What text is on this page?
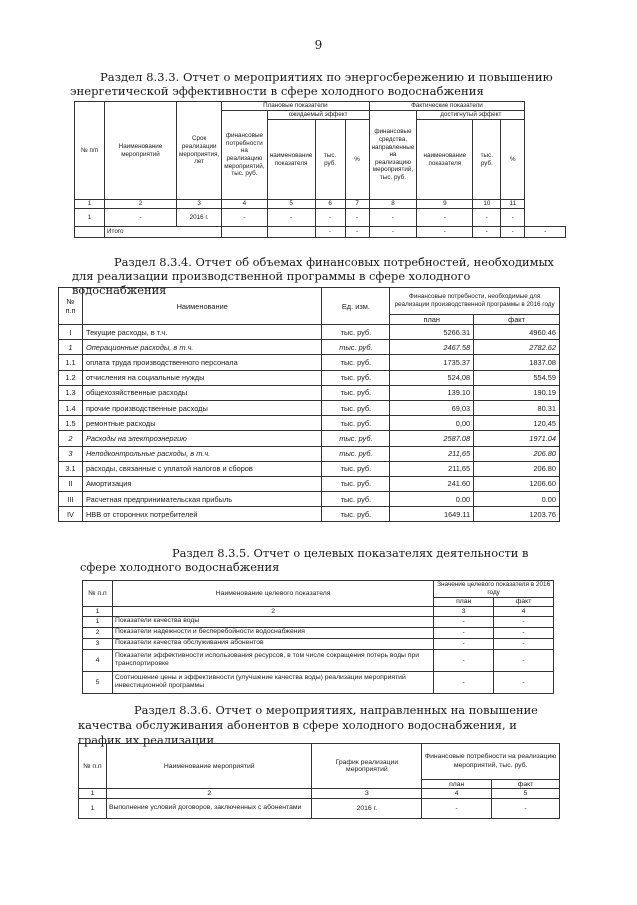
9
Раздел 8.3.3. Отчет о мероприятиях по энергосбережению и повышению энергетической эффективности в сфере холодного водоснабжения
№ п/п	Наименование мероприятий	Срок реализации мероприятия, лет	Плановые показатели				Фактические показатели				
			финансовые потребности на реализацию мероприятий, тыс. руб.	ожидаемый эффект			финансовые средства, направленные на реализацию мероприятий, тыс. руб.	достигнутый эффект			
				наименование показателя	тыс. руб.	%		наименование показателя	тыс. руб.	%	
1	2	3	4	5	6	7	8	9	10	11	
1	-	2016 г.	-	-	-	-	-	-	-	-	
	Итого				-	-	-	-	-	-	-
Раздел 8.3.4. Отчет об объемах финансовых потребностей, необходимых для реализации производственной программы в сфере холодного водоснабжения
№ п.п	Наименование	Ед. изм.	Финансовые потребности, необходимые для реализации производственной программы в 2016 году	
			план	факт
I	Текущие расходы, в т.ч.	тыс. руб.	5266.31	4960.46
1	Операционные расходы, в т.ч.	тыс. руб.	2467.58	2782.62
1.1	оплата труда производственного персонала	тыс. руб.	1735.37	1837.08
1.2	отчисления на социальные нужды	тыс. руб.	524,08	554.59
1.3	общехозяйственные расходы	тыс. руб.	139.10	190.19
1.4	прочие производственные расходы	тыс. руб.	69,03	80.31
1.5	ремонтные расходы	тыс. руб.	0,00	120,45
2	Расходы на электроэнергию	тыс. руб.	2587.08	1971.04
3	Неподконтрольные расходы, в т.ч.	тыс. руб.	211,65	206.80
3.1	расходы, связанные с уплатой налогов и сборов	тыс. руб.	211,65	206.80
II	Амортизация	тыс. руб.	241.60	1206.60
III	Расчетная предпринимательская прибыль	тыс. руб.	0.00	0.00
IV	НВВ от сторонних потребителей	тыс. руб.	1649.11	1203.76
Раздел 8.3.5. Отчет о целевых показателях деятельности в сфере холодного водоснабжения
№ п.п	Наименование целевого показателя	Значение целевого показателя в 2016 году	
		план	факт
1	2	3	4
1	Показатели качества воды	-	-
2	Показатели надежности и бесперебойности водоснабжения	-	-
3	Показатели качества обслуживания абонентов	-	-
4	Показатели эффективности использования ресурсов, в том числе сокращения потерь воды при транспортировке	-	-
5	Соотношение цены и эффективности (улучшение качества воды) реализации мероприятий инвестиционной программы	-	-
Раздел 8.3.6. Отчет о мероприятиях, направленных на повышение качества обслуживания абонентов в сфере холодного водоснабжения, и график их реализации
№ п.п	Наименование мероприятий	График реализации мероприятий	Финансовые потребности на реализацию мероприятий, тыс. руб.	
			план	факт
1	2	3	4	5
1	Выполнение условий договоров, заключенных с абонентами	2016 г.	-	-
